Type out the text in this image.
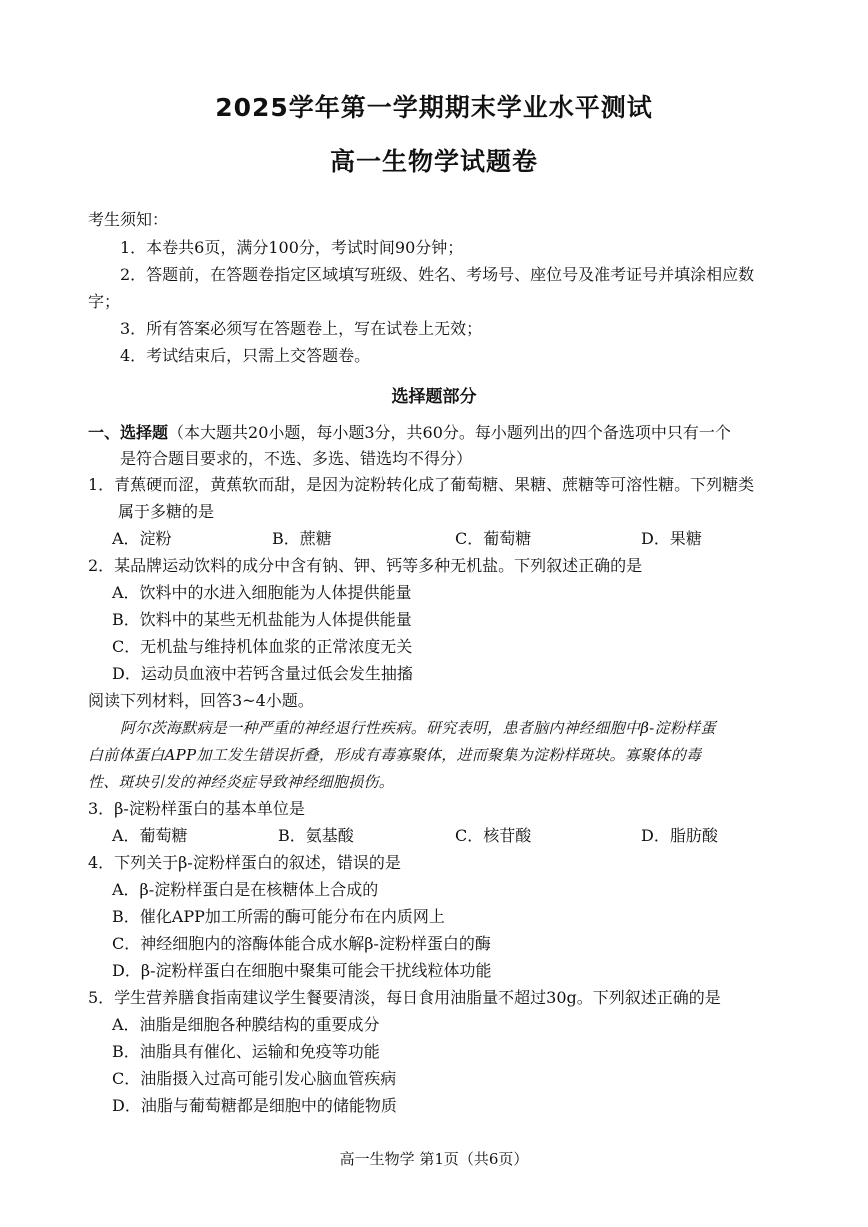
2025学年第一学期期末学业水平测试
高一生物学试题卷
考生须知：
1．本卷共6页，满分100分，考试时间90分钟；
2．答题前，在答题卷指定区域填写班级、姓名、考场号、座位号及准考证号并填涂相应数
字；
3．所有答案必须写在答题卷上，写在试卷上无效；
4．考试结束后，只需上交答题卷。
选择题部分
一、选择题（本大题共20小题，每小题3分，共60分。每小题列出的四个备选项中只有一个
是符合题目要求的，不选、多选、错选均不得分）
1．青蕉硬而涩，黄蕉软而甜，是因为淀粉转化成了葡萄糖、果糖、蔗糖等可溶性糖。下列糖类
属于多糖的是
A．淀粉	B．蔗糖	C．葡萄糖	D．果糖
2．某品牌运动饮料的成分中含有钠、钾、钙等多种无机盐。下列叙述正确的是
A．饮料中的水进入细胞能为人体提供能量
B．饮料中的某些无机盐能为人体提供能量
C．无机盐与维持机体血浆的正常浓度无关
D．运动员血液中若钙含量过低会发生抽搐
阅读下列材料，回答3~4小题。
阿尔茨海默病是一种严重的神经退行性疾病。研究表明，患者脑内神经细胞中β-淀粉样蛋
白前体蛋白APP加工发生错误折叠，形成有毒寡聚体，进而聚集为淀粉样斑块。寡聚体的毒
性、斑块引发的神经炎症导致神经细胞损伤。
3．β-淀粉样蛋白的基本单位是
A．葡萄糖	B．氨基酸	C．核苷酸	D．脂肪酸
4．下列关于β-淀粉样蛋白的叙述，错误的是
A．β-淀粉样蛋白是在核糖体上合成的
B．催化APP加工所需的酶可能分布在内质网上
C．神经细胞内的溶酶体能合成水解β-淀粉样蛋白的酶
D．β-淀粉样蛋白在细胞中聚集可能会干扰线粒体功能
5．学生营养膳食指南建议学生餐要清淡，每日食用油脂量不超过30g。下列叙述正确的是
A．油脂是细胞各种膜结构的重要成分
B．油脂具有催化、运输和免疫等功能
C．油脂摄入过高可能引发心脑血管疾病
D．油脂与葡萄糖都是细胞中的储能物质
高一生物学 第1页（共6页）
